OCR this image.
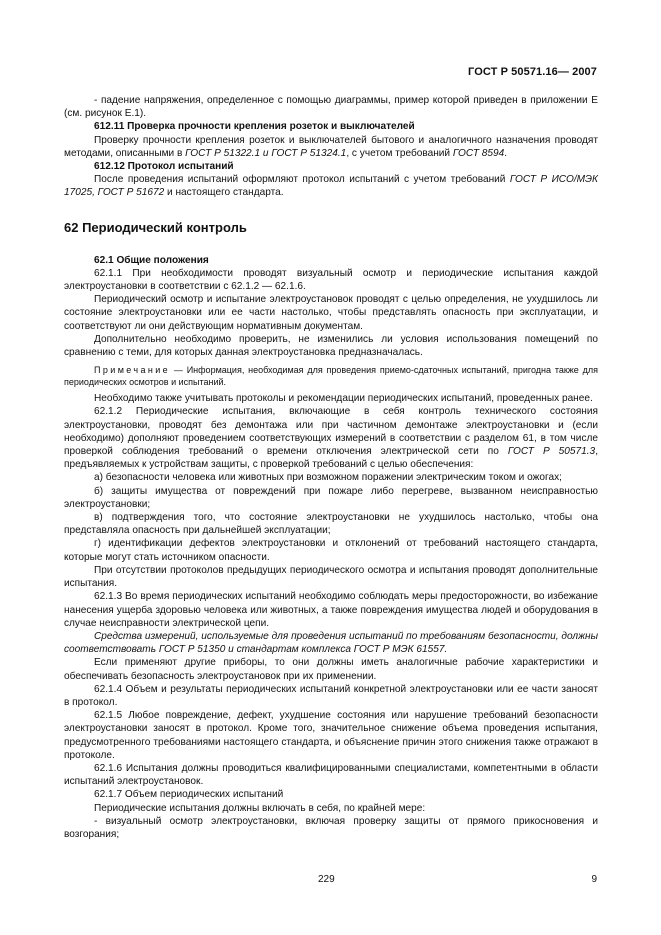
ГОСТ Р 50571.16— 2007

- падение напряжения, определенное с помощью диаграммы, пример которой приведен в приложении Е (см. рисунок Е.1).

612.11 Проверка прочности крепления розеток и выключателей

Проверку прочности крепления розеток и выключателей бытового и аналогичного назначения проводят методами, описанными в ГОСТ Р 51322.1 и ГОСТ Р 51324.1, с учетом требований ГОСТ 8594.

612.12 Протокол испытаний

После проведения испытаний оформляют протокол испытаний с учетом требований ГОСТ Р ИСО/МЭК 17025, ГОСТ Р 51672 и настоящего стандарта.

62 Периодический контроль

62.1 Общие положения

62.1.1 При необходимости проводят визуальный осмотр и периодические испытания каждой электроустановки в соответствии с 62.1.2 — 62.1.6.

Периодический осмотр и испытание электроустановок проводят с целью определения, не ухудшилось ли состояние электроустановки или ее части настолько, чтобы представлять опасность при эксплуатации, и соответствуют ли они действующим нормативным документам.

Дополнительно необходимо проверить, не изменились ли условия использования помещений по сравнению с теми, для которых данная электроустановка предназначалась.

Примечание — Информация, необходимая для проведения приемо-сдаточных испытаний, пригодна также для периодических осмотров и испытаний.

Необходимо также учитывать протоколы и рекомендации периодических испытаний, проведенных ранее.

62.1.2 Периодические испытания, включающие в себя контроль технического состояния электроустановки, проводят без демонтажа или при частичном демонтаже электроустановки и (если необходимо) дополняют проведением соответствующих измерений в соответствии с разделом 61, в том числе проверкой соблюдения требований о времени отключения электрической сети по ГОСТ Р 50571.3, предъявляемых к устройствам защиты, с проверкой требований с целью обеспечения:

а) безопасности человека или животных при возможном поражении электрическим током и ожогах;

б) защиты имущества от повреждений при пожаре либо перегреве, вызванном неисправностью электроустановки;

в) подтверждения того, что состояние электроустановки не ухудшилось настолько, чтобы она представляла опасность при дальнейшей эксплуатации;

г) идентификации дефектов электроустановки и отклонений от требований настоящего стандарта, которые могут стать источником опасности.

При отсутствии протоколов предыдущих периодического осмотра и испытания проводят дополнительные испытания.

62.1.3 Во время периодических испытаний необходимо соблюдать меры предосторожности, во избежание нанесения ущерба здоровью человека или животных, а также повреждения имущества людей и оборудования в случае неисправности электрической цепи.

Средства измерений, используемые для проведения испытаний по требованиям безопасности, должны соответствовать ГОСТ Р 51350 и стандартам комплекса ГОСТ Р МЭК 61557.

Если применяют другие приборы, то они должны иметь аналогичные рабочие характеристики и обеспечивать безопасность электроустановок при их применении.

62.1.4 Объем и результаты периодических испытаний конкретной электроустановки или ее части заносят в протокол.

62.1.5 Любое повреждение, дефект, ухудшение состояния или нарушение требований безопасности электроустановки заносят в протокол. Кроме того, значительное снижение объема проведения испытания, предусмотренного требованиями настоящего стандарта, и объяснение причин этого снижения также отражают в протоколе.

62.1.6 Испытания должны проводиться квалифицированными специалистами, компетентными в области испытаний электроустановок.

62.1.7 Объем периодических испытаний

Периодические испытания должны включать в себя, по крайней мере:

- визуальный осмотр электроустановки, включая проверку защиты от прямого прикосновения и возгорания;

229	9
